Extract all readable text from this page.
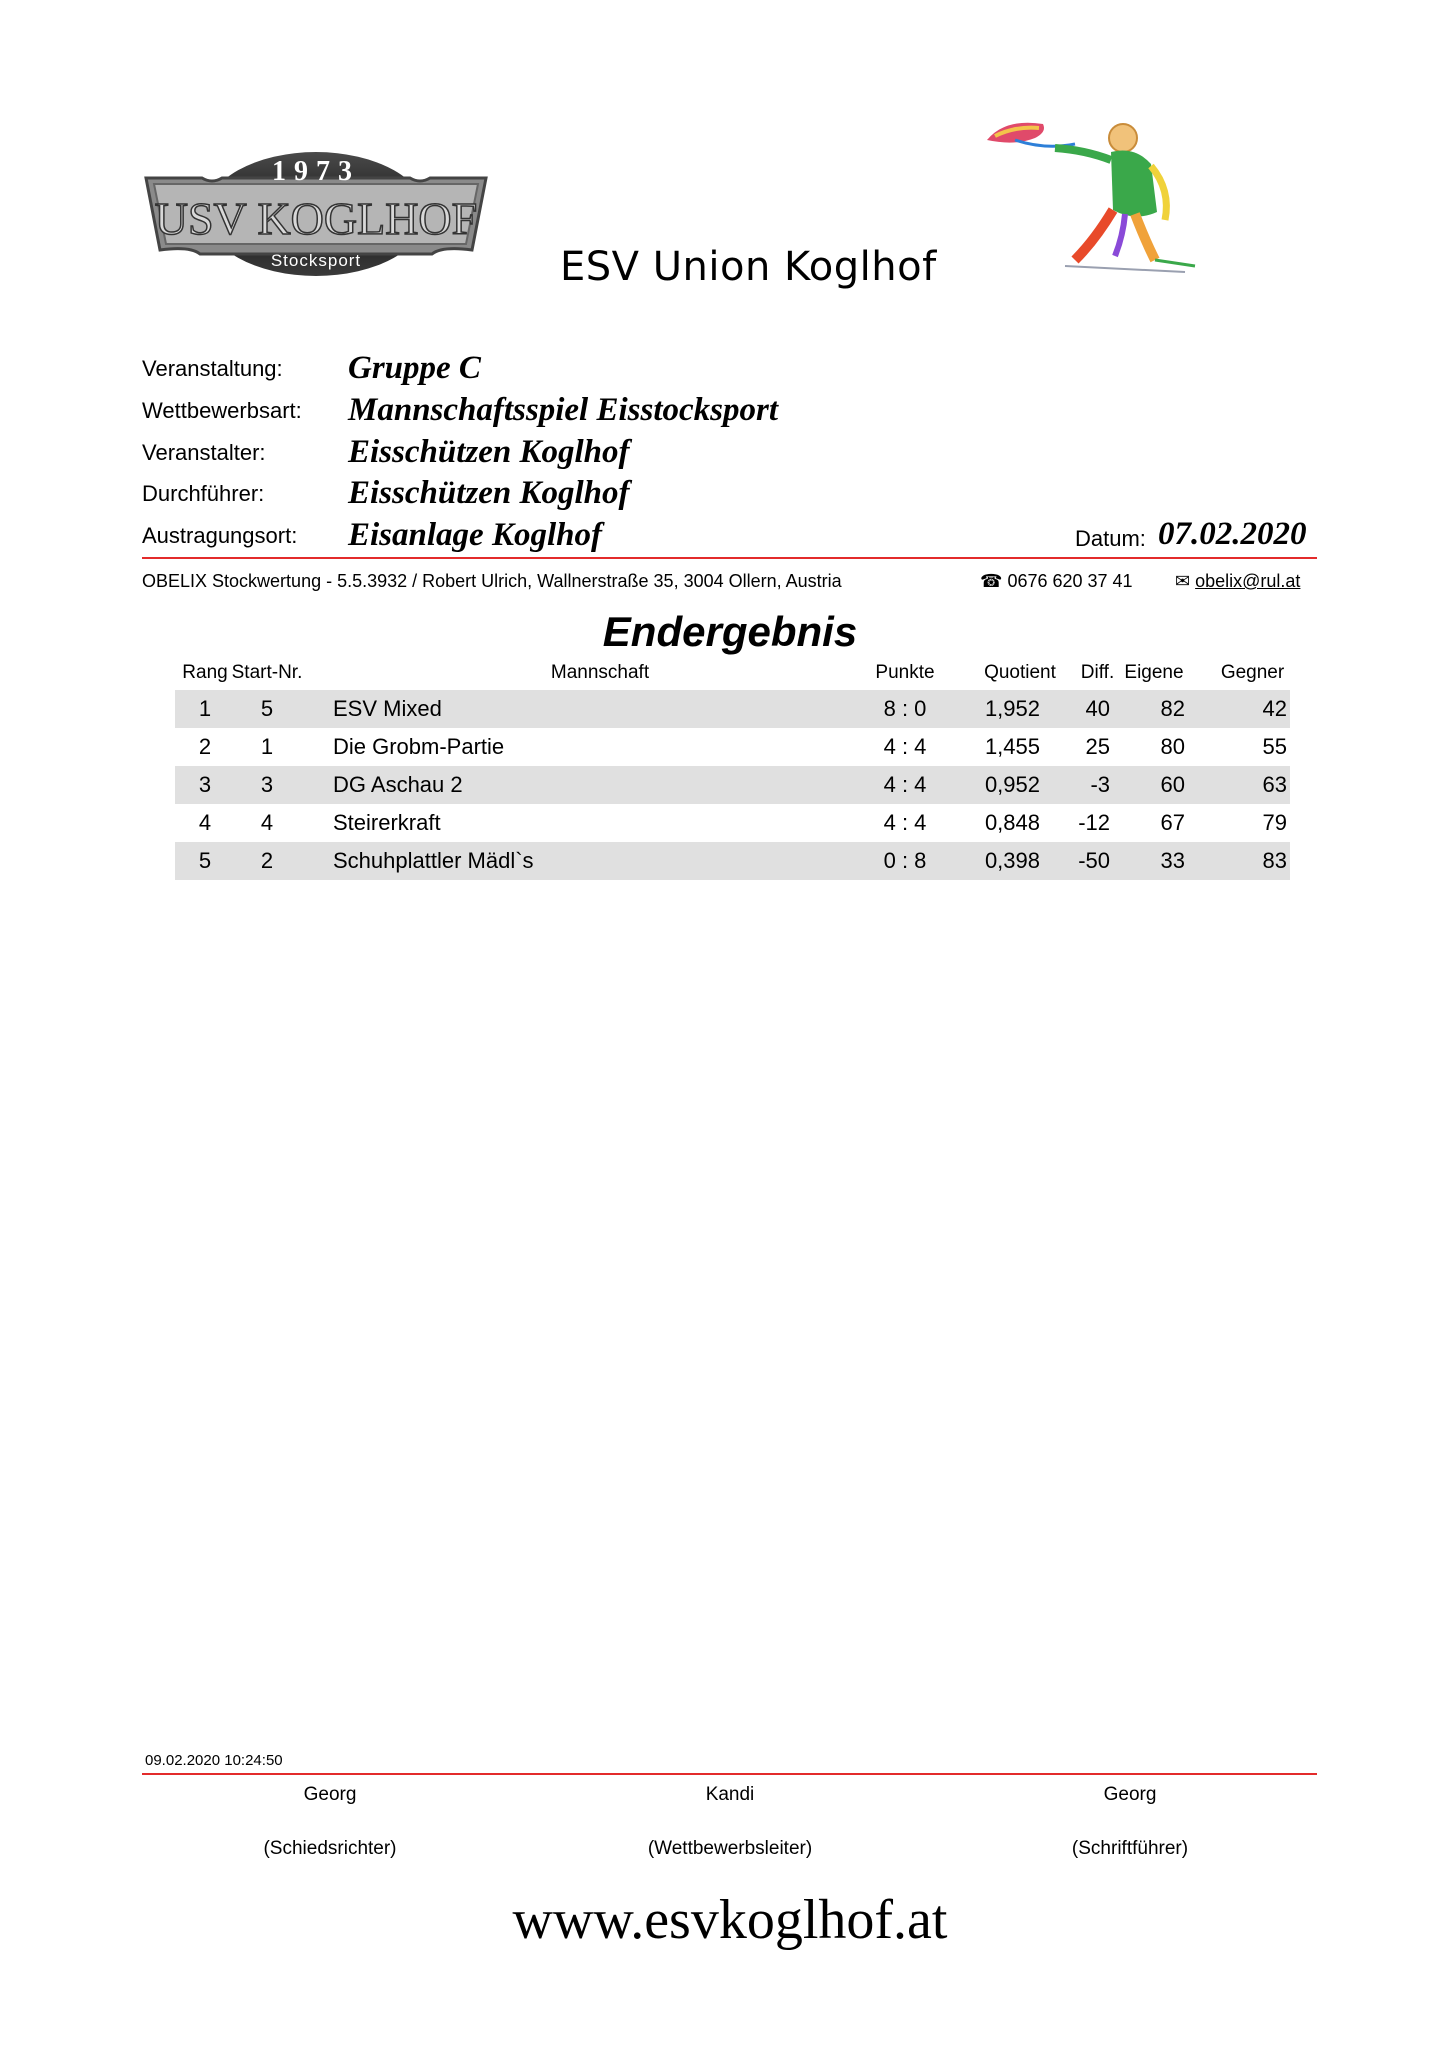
1973
USV KOGLHOF
Stocksport	ESV Union Koglhof
Veranstaltung: Gruppe C
Wettbewerbsart: Mannschaftsspiel Eisstocksport
Veranstalter: Eisschützen Koglhof
Durchführer:	Eisschützen Koglhof
Austragungsort: Eisanlage Koglhof	Datum: 07.02.2020
OBELIX Stockwertung - 5.5.3932 / Robert Ulrich, Wallnerstraße 35, 3004 Ollern, Austria	☎ 0676 620 37 41 ✉ obelix@rul.at
Endergebnis
Rang Start-Nr.	Mannschaft	Punkte	Quotient	Diff. Eigene	Gegner
1	5	ESV Mixed	8 : 0	1,952	40	82	42
2	1	Die Grobm-Partie	4 : 4	1,455	25	80	55
3	3	DG Aschau 2	4 : 4	0,952	-3	60	63
4	4	Steirerkraft	4 : 4	0,848	-12	67	79
5	2	Schuhplattler Mädl`s	0 : 8	0,398	-50	33	83
09.02.2020 10:24:50
Georg
(Schiedsrichter)
Kandi
(Wettbewerbsleiter)
Georg
(Schriftführer)
www.esvkoglhof.at
